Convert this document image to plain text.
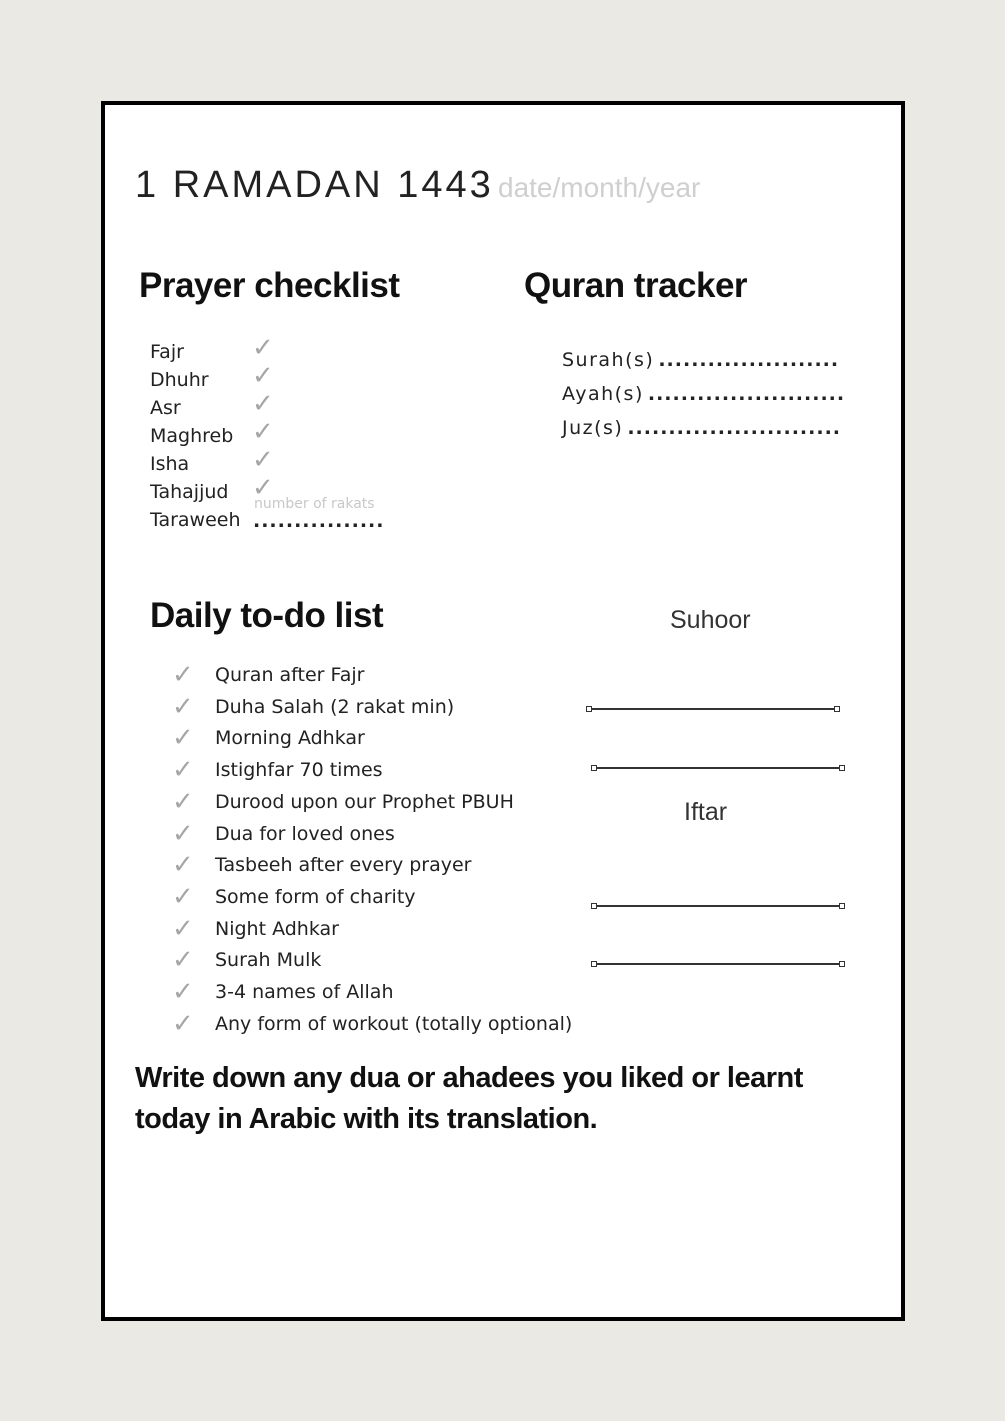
1 RAMADAN 1443 date/month/year
Prayer checklist
Fajr	✓
Dhuhr ✓
Asr	✓
Maghreb ✓
Isha ✓
Tahajjud ✓
Taraweeh
number of rakats
................
Quran tracker
Surah(s) ......................
Ayah(s) ........................
Juz(s) ..........................
Daily to-do list
✓ Quran after Fajr
✓ Duha Salah (2 rakat min)
✓ Morning Adhkar
✓ Istighfar 70 times
✓ Durood upon our Prophet PBUH
✓ Dua for loved ones
✓ Tasbeeh after every prayer
✓ Some form of charity
✓ Night Adhkar
✓ Surah Mulk
✓ 3-4 names of Allah
✓ Any form of workout (totally optional)
Suhoor
Iftar
Write down any dua or ahadees you liked or learnt today in Arabic with its translation.
